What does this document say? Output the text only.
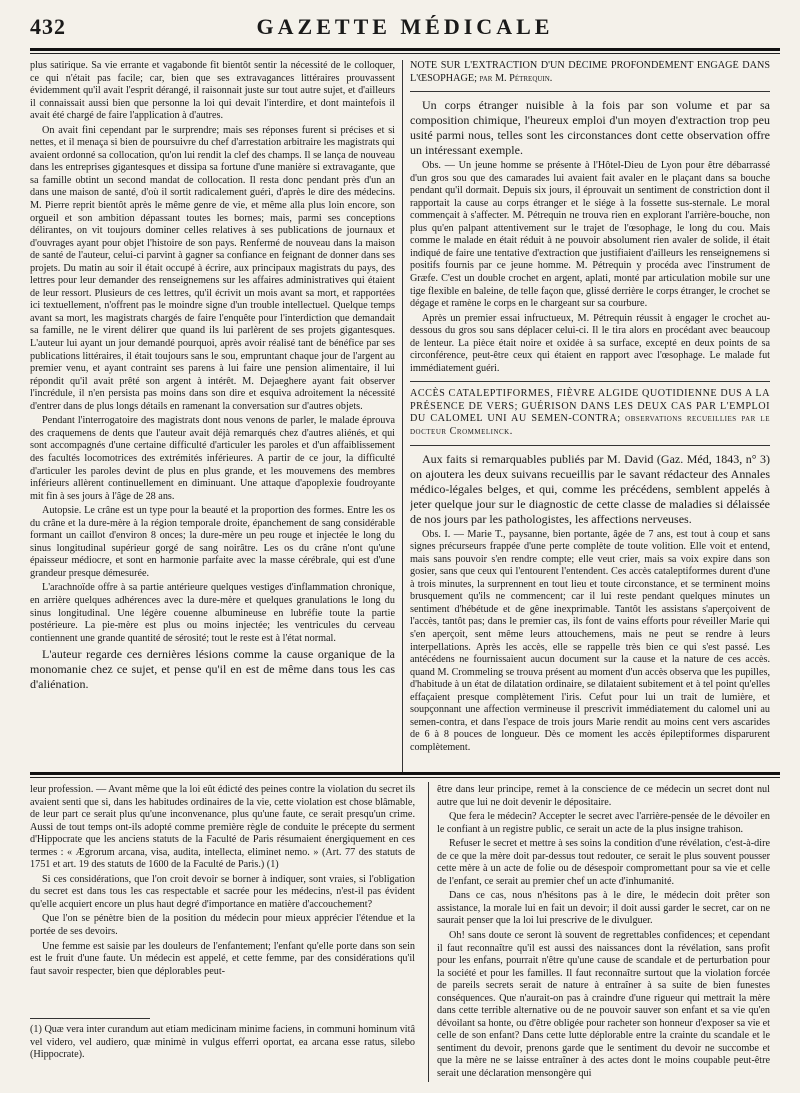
432	GAZETTE MÉDICALE

plus satirique. Sa vie errante et vagabonde fit bientôt sentir la nécessité de le colloquer, ce qui n'était pas facile; car, bien que ses extravagances littéraires prouvassent évidemment qu'il avait l'esprit dérangé, il raisonnait juste sur tout autre sujet, et d'ailleurs il connaissait aussi bien que personne la loi qui devait l'interdire, et dont maintefois il avait été chargé de faire l'application à d'autres.

On avait fini cependant par le surprendre; mais ses réponses furent si précises et si nettes, et il menaça si bien de poursuivre du chef d'arrestation arbitraire les magistrats qui avaient ordonné sa collocation, qu'on lui rendit la clef des champs. Il se lança de nouveau dans les entreprises gigantesques et dissipa sa fortune d'une manière si extravagante, que sa famille obtint un second mandat de collocation. Il resta donc pendant près d'un an dans une maison de santé, d'où il sortit radicalement guéri, d'après le dire des médecins. M. Pierre reprit bientôt après le même genre de vie, et même alla plus loin encore, son orgueil et son ambition dépassant toutes les bornes; mais, parmi ses conceptions délirantes, on vit toujours dominer celles relatives à ses publications de journaux et d'ouvrages ayant pour objet l'histoire de son pays. Renfermé de nouveau dans la maison de santé de l'auteur, celui-ci parvint à gagner sa confiance en feignant de donner dans ses projets. Du matin au soir il était occupé à écrire, aux principaux magistrats du pays, des lettres pour leur demander des renseignemens sur les affaires administratives qui étaient de leur ressort. Plusieurs de ces lettres, qu'il écrivit un mois avant sa mort, et rapportées ici textuellement, n'offrent pas le moindre signe d'un trouble intellectuel. Quelque temps avant sa mort, les magistrats chargés de faire l'enquête pour l'interdiction que demandait sa famille, ne le virent délirer que quand ils lui parlèrent de ses projets gigantesques. L'auteur lui ayant un jour demandé pourquoi, après avoir réalisé tant de bénéfice par ses publications littéraires, il était toujours sans le sou, empruntant chaque jour de l'argent au premier venu, et ayant contraint ses parens à lui faire une pension alimentaire, il lui répondit qu'il avait prêté son argent à intérêt. M. Dejaeghere ayant fait observer l'incrédule, il n'en persista pas moins dans son dire et esquiva adroitement la nécessité d'entrer dans de plus longs détails en ramenant la conversation sur d'autres objets.

Pendant l'interrogatoire des magistrats dont nous venons de parler, le malade éprouva des craquemens de dents que l'auteur avait déjà remarqués chez d'autres aliénés, et qui sont accompagnés d'une certaine difficulté d'articuler les paroles et d'un affaiblissement des facultés locomotrices des extrémités inférieures. A partir de ce jour, la difficulté d'articuler les paroles devint de plus en plus grande, et les mouvemens des membres inférieurs allèrent continuellement en diminuant. Une attaque d'apoplexie foudroyante mit fin à ses jours à l'âge de 28 ans.

Autopsie. Le crâne est un type pour la beauté et la proportion des formes. Entre les os du crâne et la dure-mère à la région temporale droite, épanchement de sang considérable formant un caillot d'environ 8 onces; la dure-mère un peu rouge et injectée le long du sinus longitudinal supérieur gorgé de sang noirâtre. Les os du crâne n'ont qu'une épaisseur médiocre, et sont en harmonie parfaite avec la masse cérébrale, qui est d'une grandeur presque démesurée.

L'arachnoïde offre à sa partie antérieure quelques vestiges d'inflammation chronique, en arrière quelques adhérences avec la dure-mère et quelques granulations le long du sinus longitudinal. Une légère couenne albumineuse en lubréfie toute la partie postérieure. La pie-mère est plus ou moins injectée; les ventricules du cerveau contiennent une grande quantité de sérosité; tout le reste est à l'état normal.

L'auteur regarde ces dernières lésions comme la cause organique de la monomanie chez ce sujet, et pense qu'il en est de même dans tous les cas d'aliénation.

NOTE SUR L'EXTRACTION D'UN DÉCIME PROFONDÉMENT ENGAGÉ DANS L'ŒSOPHAGE; par M. Pétrequin.

Un corps étranger nuisible à la fois par son volume et par sa composition chimique, l'heureux emploi d'un moyen d'extraction trop peu usité parmi nous, telles sont les circonstances dont cette observation offre un intéressant exemple.

Obs. — Un jeune homme se présente à l'Hôtel-Dieu de Lyon pour être débarrassé d'un gros sou que des camarades lui avaient fait avaler en le plaçant dans sa bouche pendant qu'il dormait. Depuis six jours, il éprouvait un sentiment de constriction dont il rapportait la cause au corps étranger et le siége à la fossette sus-sternale. Le moral commençait à s'affecter. M. Pétrequin ne trouva rien en explorant l'arrière-bouche, non plus qu'en palpant attentivement sur le trajet de l'œsophage, le long du cou. Mais comme le malade en était réduit à ne pouvoir absolument rien avaler de solide, il était indiqué de faire une tentative d'extraction que justifiaient d'ailleurs les renseignemens si positifs fournis par ce jeune homme. M. Pétrequin y procéda avec l'instrument de Græfe. C'est un double crochet en argent, aplati, monté par articulation mobile sur une tige flexible en baleine, de telle façon que, glissé derrière le corps étranger, le crochet se dégage et ramène le corps en le chargeant sur sa courbure.

Après un premier essai infructueux, M. Pétrequin réussit à engager le crochet au-dessous du gros sou sans déplacer celui-ci. Il le tira alors en procédant avec beaucoup de lenteur. La pièce était noire et oxidée à sa surface, excepté en deux points de sa circonférence, peut-être ceux qui étaient en rapport avec l'œsophage. Le malade fut immédiatement guéri.

ACCÈS CATALEPTIFORMES, FIÈVRE ALGIDE QUOTIDIENNE DUS A LA PRÉSENCE DE VERS; GUÉRISON DANS LES DEUX CAS PAR L'EMPLOI DU CALOMEL UNI AU SEMEN-CONTRA; observations recueillies par le docteur Crommelinck.

Aux faits si remarquables publiés par M. David (Gaz. Méd, 1843, n° 3) on ajoutera les deux suivans recueillis par le savant rédacteur des Annales médico-légales belges, et qui, comme les précédens, semblent appelés à jeter quelque jour sur le diagnostic de cette classe de maladies si délaissée de nos jours par les pathologistes, les affections nerveuses.

Obs. I. — Marie T., paysanne, bien portante, âgée de 7 ans, est tout à coup et sans signes précurseurs frappée d'une perte complète de toute volition. Elle voit et entend, mais sans pouvoir s'en rendre compte; elle veut crier, mais sa voix expire dans son gosier, sans que ceux qui l'entourent l'entendent. Ces accès cataleptiformes durent d'une à trois minutes, la surprennent en tout lieu et toute circonstance, et se terminent moins brusquement qu'ils ne commencent; car il lui reste pendant quelques minutes un sentiment d'hébétude et de gêne inexprimable. Tantôt les assistans s'aperçoivent de l'accès, tantôt pas; dans le premier cas, ils font de vains efforts pour réveiller Marie qui s'en aperçoit, sent même leurs attouchemens, mais ne peut se rendre à leurs interpellations. Après les accès, elle se rappelle très bien ce qui s'est passé. Les antécédens ne fournissaient aucun document sur la cause et la nature de ces accès. quand M. Crommeling se trouva présent au moment d'un accès observa que les pupilles, d'habitude à un état de dilatation ordinaire, se dilataient subitement et à tel point qu'elles effaçaient presque complètement l'iris. Cefut pour lui un trait de lumière, et soupçonnant une affection vermineuse il prescrivit immédiatement du calomel uni au semen-contra, et dans l'espace de trois jours Marie rendit au moins cent vers ascarides de 6 à 8 pouces de longueur. Dès ce moment les accès épileptiformes disparurent complètement.

leur profession. — Avant même que la loi eût édicté des peines contre la violation du secret ils avaient senti que si, dans les habitudes ordinaires de la vie, cette violation est chose blâmable, de leur part ce serait plus qu'une inconvenance, plus qu'une faute, ce serait presqu'un crime. Aussi de tout temps ont-ils adopté comme première règle de conduite le précepte du serment d'Hippocrate que les anciens statuts de la Faculté de Paris résumaient énergiquement en ces termes : « Ægrorum arcana, visa, audita, intellecta, eliminet nemo. » (Art. 77 des statuts de 1751 et art. 19 des statuts de 1600 de la Faculté de Paris.) (1)

Si ces considérations, que l'on croit devoir se borner à indiquer, sont vraies, si l'obligation du secret est dans tous les cas respectable et sacrée pour les médecins, n'est-il pas évident qu'elle acquiert encore un plus haut degré d'importance en matière d'accouchement?

Que l'on se pénètre bien de la position du médecin pour mieux apprécier l'étendue et la portée de ses devoirs.

Une femme est saisie par les douleurs de l'enfantement; l'enfant qu'elle porte dans son sein est le fruit d'une faute. Un médecin est appelé, et cette femme, par des considérations qu'il faut savoir respecter, bien que déplorables peut-

(1) Quæ vera inter curandum aut etiam medicinam minime faciens, in communi hominum vitâ vel videro, vel audiero, quæ minimè in vulgus efferri oportat, ea arcana esse ratus, silebo (Hippocrate).

être dans leur principe, remet à la conscience de ce médecin un secret dont nul autre que lui ne doit devenir le dépositaire.

Que fera le médecin? Accepter le secret avec l'arrière-pensée de le dévoiler en le confiant à un registre public, ce serait un acte de la plus insigne trahison.

Refuser le secret et mettre à ses soins la condition d'une révélation, c'est-à-dire de ce que la mère doit par-dessus tout redouter, ce serait le plus souvent pousser cette mère à un acte de folie ou de désespoir compromettant pour sa vie et celle de l'enfant, ce serait au premier chef un acte d'inhumanité.

Dans ce cas, nous n'hésitons pas à le dire, le médecin doit prêter son assistance, la morale lui en fait un devoir; il doit aussi garder le secret, car on ne saurait penser que la loi lui prescrive de le divulguer.

Oh! sans doute ce seront là souvent de regrettables confidences; et cependant il faut reconnaître qu'il est aussi des naissances dont la révélation, sans profit pour les enfans, pourrait n'être qu'une cause de scandale et de perturbation pour la société et pour les familles. Il faut reconnaître surtout que la violation forcée de pareils secrets serait de nature à entraîner à sa suite de bien funestes conséquences. Que n'aurait-on pas à craindre d'une rigueur qui mettrait la mère dans cette terrible alternative ou de ne pouvoir sauver son enfant et sa vie qu'en dévoilant sa honte, ou d'être obligée pour racheter son honneur d'exposer sa vie et celle de son enfant? Dans cette lutte déplorable entre la crainte du scandale et le sentiment du devoir, prenons garde que le sentiment du devoir ne succombe et que la mère ne se laisse entraîner à des actes dont le moins coupable peut-être serait une déclaration mensongère qui
